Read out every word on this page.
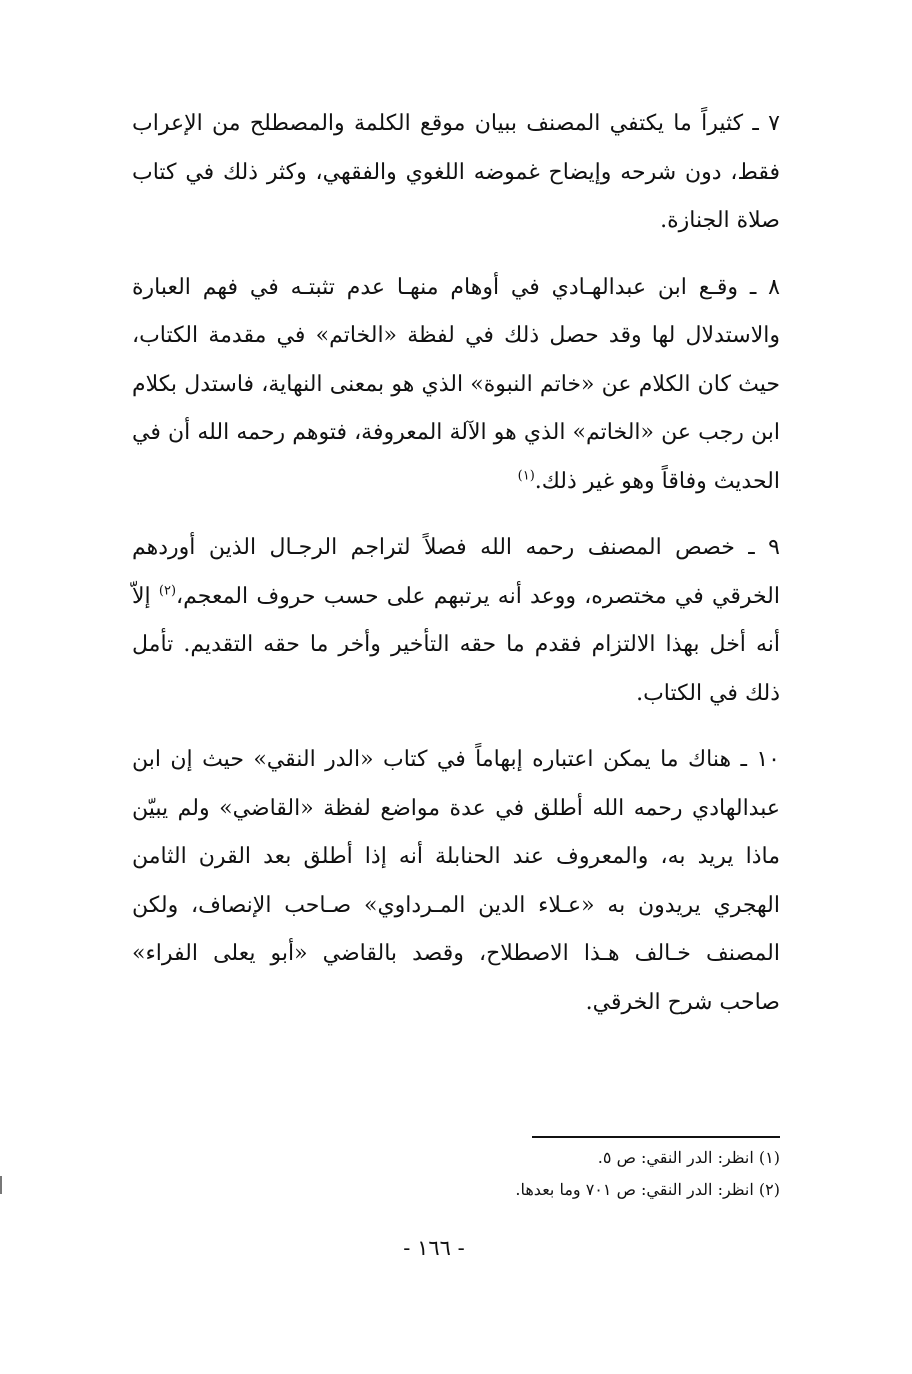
٧ ـ كثيراً ما يكتفي المصنف ببيان موقع الكلمة والمصطلح من الإعراب فقط، دون شرحه وإيضاح غموضه اللغوي والفقهي، وكثر ذلك في كتاب صلاة الجنازة.

٨ ـ وقـع ابن عبدالهـادي في أوهام منهـا عدم تثبتـه في فهم العبارة والاستدلال لها وقد حصل ذلك في لفظة «الخاتم» في مقدمة الكتاب، حيث كان الكلام عن «خاتم النبوة» الذي هو بمعنى النهاية، فاستدل بكلام ابن رجب عن «الخاتم» الذي هو الآلة المعروفة، فتوهم رحمه الله أن في الحديث وفاقاً وهو غير ذلك.$^{(١)}$

٩ ـ خصص المصنف رحمه الله فصلاً لتراجم الرجـال الذين أوردهم الخرقي في مختصره، ووعد أنه يرتبهم على حسب حروف المعجم،$^{(٢)}$ إلاّ أنه أخل بهذا الالتزام فقدم ما حقه التأخير وأخر ما حقه التقديم. تأمل ذلك في الكتاب.

١٠ ـ هناك ما يمكن اعتباره إبهاماً في كتاب «الدر النقي» حيث إن ابن عبدالهادي رحمه الله أطلق في عدة مواضع لفظة «القاضي» ولم يبيّن ماذا يريد به، والمعروف عند الحنابلة أنه إذا أطلق بعد القرن الثامن الهجري يريدون به «عـلاء الدين المـرداوي» صـاحب الإنصاف، ولكن المصنف خـالف هـذا الاصطلاح، وقصد بالقاضي «أبو يعلى الفراء» صاحب شرح الخرقي.

(١) انظر: الدر النقي: ص ٥.

(٢) انظر: الدر النقي: ص ٧٠١ وما بعدها.

- ١٦٦ -
